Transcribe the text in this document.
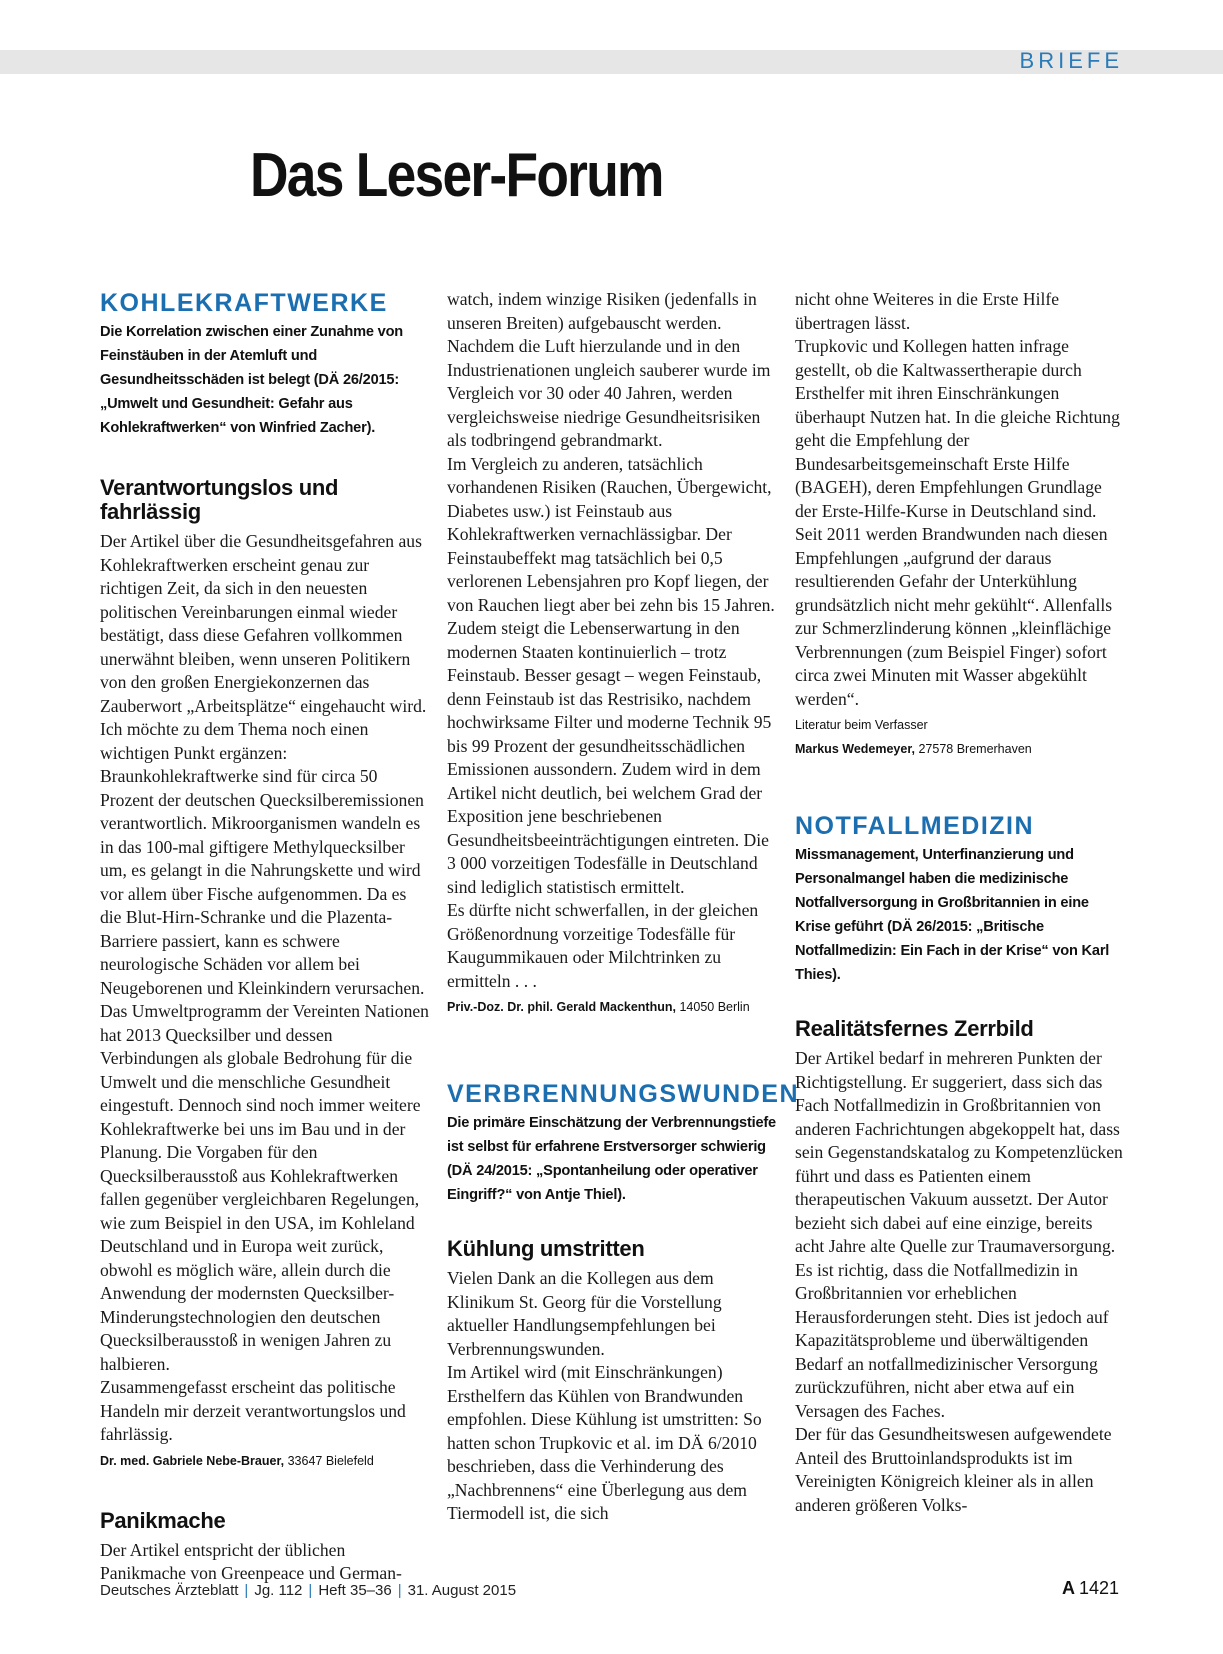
BRIEFE
Das Leser-Forum
KOHLEKRAFTWERKE

Die Korrelation zwischen einer Zunahme von Feinstäuben in der Atemluft und Gesundheitsschäden ist belegt (DÄ 26/2015: „Umwelt und Gesundheit: Gefahr aus Kohlekraftwerken“ von Winfried Zacher).

Verantwortungslos und fahrlässig

Der Artikel über die Gesundheitsgefahren aus Kohlekraftwerken erscheint genau zur richtigen Zeit, da sich in den neuesten politischen Vereinbarungen einmal wieder bestätigt, dass diese Gefahren vollkommen unerwähnt bleiben, wenn unseren Politikern von den großen Energiekonzernen das Zauberwort „Arbeitsplätze“ eingehaucht wird. Ich möchte zu dem Thema noch einen wichtigen Punkt ergänzen: Braunkohlekraftwerke sind für circa 50 Prozent der deutschen Quecksilberemissionen verantwortlich. Mikroorganismen wandeln es in das 100-mal giftigere Methylquecksilber um, es gelangt in die Nahrungskette und wird vor allem über Fische aufgenommen. Da es die Blut-Hirn-Schranke und die Plazenta-Barriere passiert, kann es schwere neurologische Schäden vor allem bei Neugeborenen und Kleinkindern verursachen. Das Umweltprogramm der Vereinten Nationen hat 2013 Quecksilber und dessen Verbindungen als globale Bedrohung für die Umwelt und die menschliche Gesundheit eingestuft. Dennoch sind noch immer weitere Kohlekraftwerke bei uns im Bau und in der Planung. Die Vorgaben für den Quecksilberausstoß aus Kohlekraftwerken fallen gegenüber vergleichbaren Regelungen, wie zum Beispiel in den USA, im Kohleland Deutschland und in Europa weit zurück, obwohl es möglich wäre, allein durch die Anwendung der modernsten Quecksilber-Minderungstechnologien den deutschen Quecksilberausstoß in wenigen Jahren zu halbieren.

Zusammengefasst erscheint das politische Handeln mir derzeit verantwortungslos und fahrlässig.

Dr. med. Gabriele Nebe-Brauer, 33647 Bielefeld

Panikmache

Der Artikel entspricht der üblichen Panikmache von Greenpeace und German-

watch, indem winzige Risiken (jedenfalls in unseren Breiten) aufgebauscht werden. Nachdem die Luft hierzulande und in den Industrienationen ungleich sauberer wurde im Vergleich vor 30 oder 40 Jahren, werden vergleichsweise niedrige Gesundheitsrisiken als todbringend gebrandmarkt.

Im Vergleich zu anderen, tatsächlich vorhandenen Risiken (Rauchen, Übergewicht, Diabetes usw.) ist Feinstaub aus Kohlekraftwerken vernachlässigbar. Der Feinstaubeffekt mag tatsächlich bei 0,5 verlorenen Lebensjahren pro Kopf liegen, der von Rauchen liegt aber bei zehn bis 15 Jahren. Zudem steigt die Lebenserwartung in den modernen Staaten kontinuierlich – trotz Feinstaub. Besser gesagt – wegen Feinstaub, denn Feinstaub ist das Restrisiko, nachdem hochwirksame Filter und moderne Technik 95 bis 99 Prozent der gesundheitsschädlichen Emissionen aussondern. Zudem wird in dem Artikel nicht deutlich, bei welchem Grad der Exposition jene beschriebenen Gesundheitsbeeinträchtigungen eintreten. Die 3 000 vorzeitigen Todesfälle in Deutschland sind lediglich statistisch ermittelt.

Es dürfte nicht schwerfallen, in der gleichen Größenordnung vorzeitige Todesfälle für Kaugummikauen oder Milchtrinken zu ermitteln . . .

Priv.-Doz. Dr. phil. Gerald Mackenthun, 14050 Berlin

VERBRENNUNGSWUNDEN

Die primäre Einschätzung der Verbrennungstiefe ist selbst für erfahrene Erstversorger schwierig (DÄ 24/2015: „Spontanheilung oder operativer Eingriff?“ von Antje Thiel).

Kühlung umstritten

Vielen Dank an die Kollegen aus dem Klinikum St. Georg für die Vorstellung aktueller Handlungsempfehlungen bei Verbrennungswunden.

Im Artikel wird (mit Einschränkungen) Ersthelfern das Kühlen von Brandwunden empfohlen. Diese Kühlung ist umstritten: So hatten schon Trupkovic et al. im DÄ 6/2010 beschrieben, dass die Verhinderung des „Nachbrennens“ eine Überlegung aus dem Tiermodell ist, die sich

nicht ohne Weiteres in die Erste Hilfe übertragen lässt.

Trupkovic und Kollegen hatten infrage gestellt, ob die Kaltwassertherapie durch Ersthelfer mit ihren Einschränkungen überhaupt Nutzen hat. In die gleiche Richtung geht die Empfehlung der Bundesarbeitsgemeinschaft Erste Hilfe (BAGEH), deren Empfehlungen Grundlage der Erste-Hilfe-Kurse in Deutschland sind. Seit 2011 werden Brandwunden nach diesen Empfehlungen „aufgrund der daraus resultierenden Gefahr der Unterkühlung grundsätzlich nicht mehr gekühlt“. Allenfalls zur Schmerzlinderung können „kleinflächige Verbrennungen (zum Beispiel Finger) sofort circa zwei Minuten mit Wasser abgekühlt werden“.

Literatur beim Verfasser

Markus Wedemeyer, 27578 Bremerhaven

NOTFALLMEDIZIN

Missmanagement, Unterfinanzierung und Personalmangel haben die medizinische Notfallversorgung in Großbritannien in eine Krise geführt (DÄ 26/2015: „Britische Notfallmedizin: Ein Fach in der Krise“ von Karl Thies).

Realitätsfernes Zerrbild

Der Artikel bedarf in mehreren Punkten der Richtigstellung. Er suggeriert, dass sich das Fach Notfallmedizin in Großbritannien von anderen Fachrichtungen abgekoppelt hat, dass sein Gegenstandskatalog zu Kompetenzlücken führt und dass es Patienten einem therapeutischen Vakuum aussetzt. Der Autor bezieht sich dabei auf eine einzige, bereits acht Jahre alte Quelle zur Traumaversorgung.

Es ist richtig, dass die Notfallmedizin in Großbritannien vor erheblichen Herausforderungen steht. Dies ist jedoch auf Kapazitätsprobleme und überwältigenden Bedarf an notfallmedizinischer Versorgung zurückzuführen, nicht aber etwa auf ein Versagen des Faches.

Der für das Gesundheitswesen aufgewendete Anteil des Bruttoinlandsprodukts ist im Vereinigten Königreich kleiner als in allen anderen größeren Volks-

Deutsches Ärzteblatt | Jg. 112 | Heft 35–36 | 31. August 2015	A 1421
